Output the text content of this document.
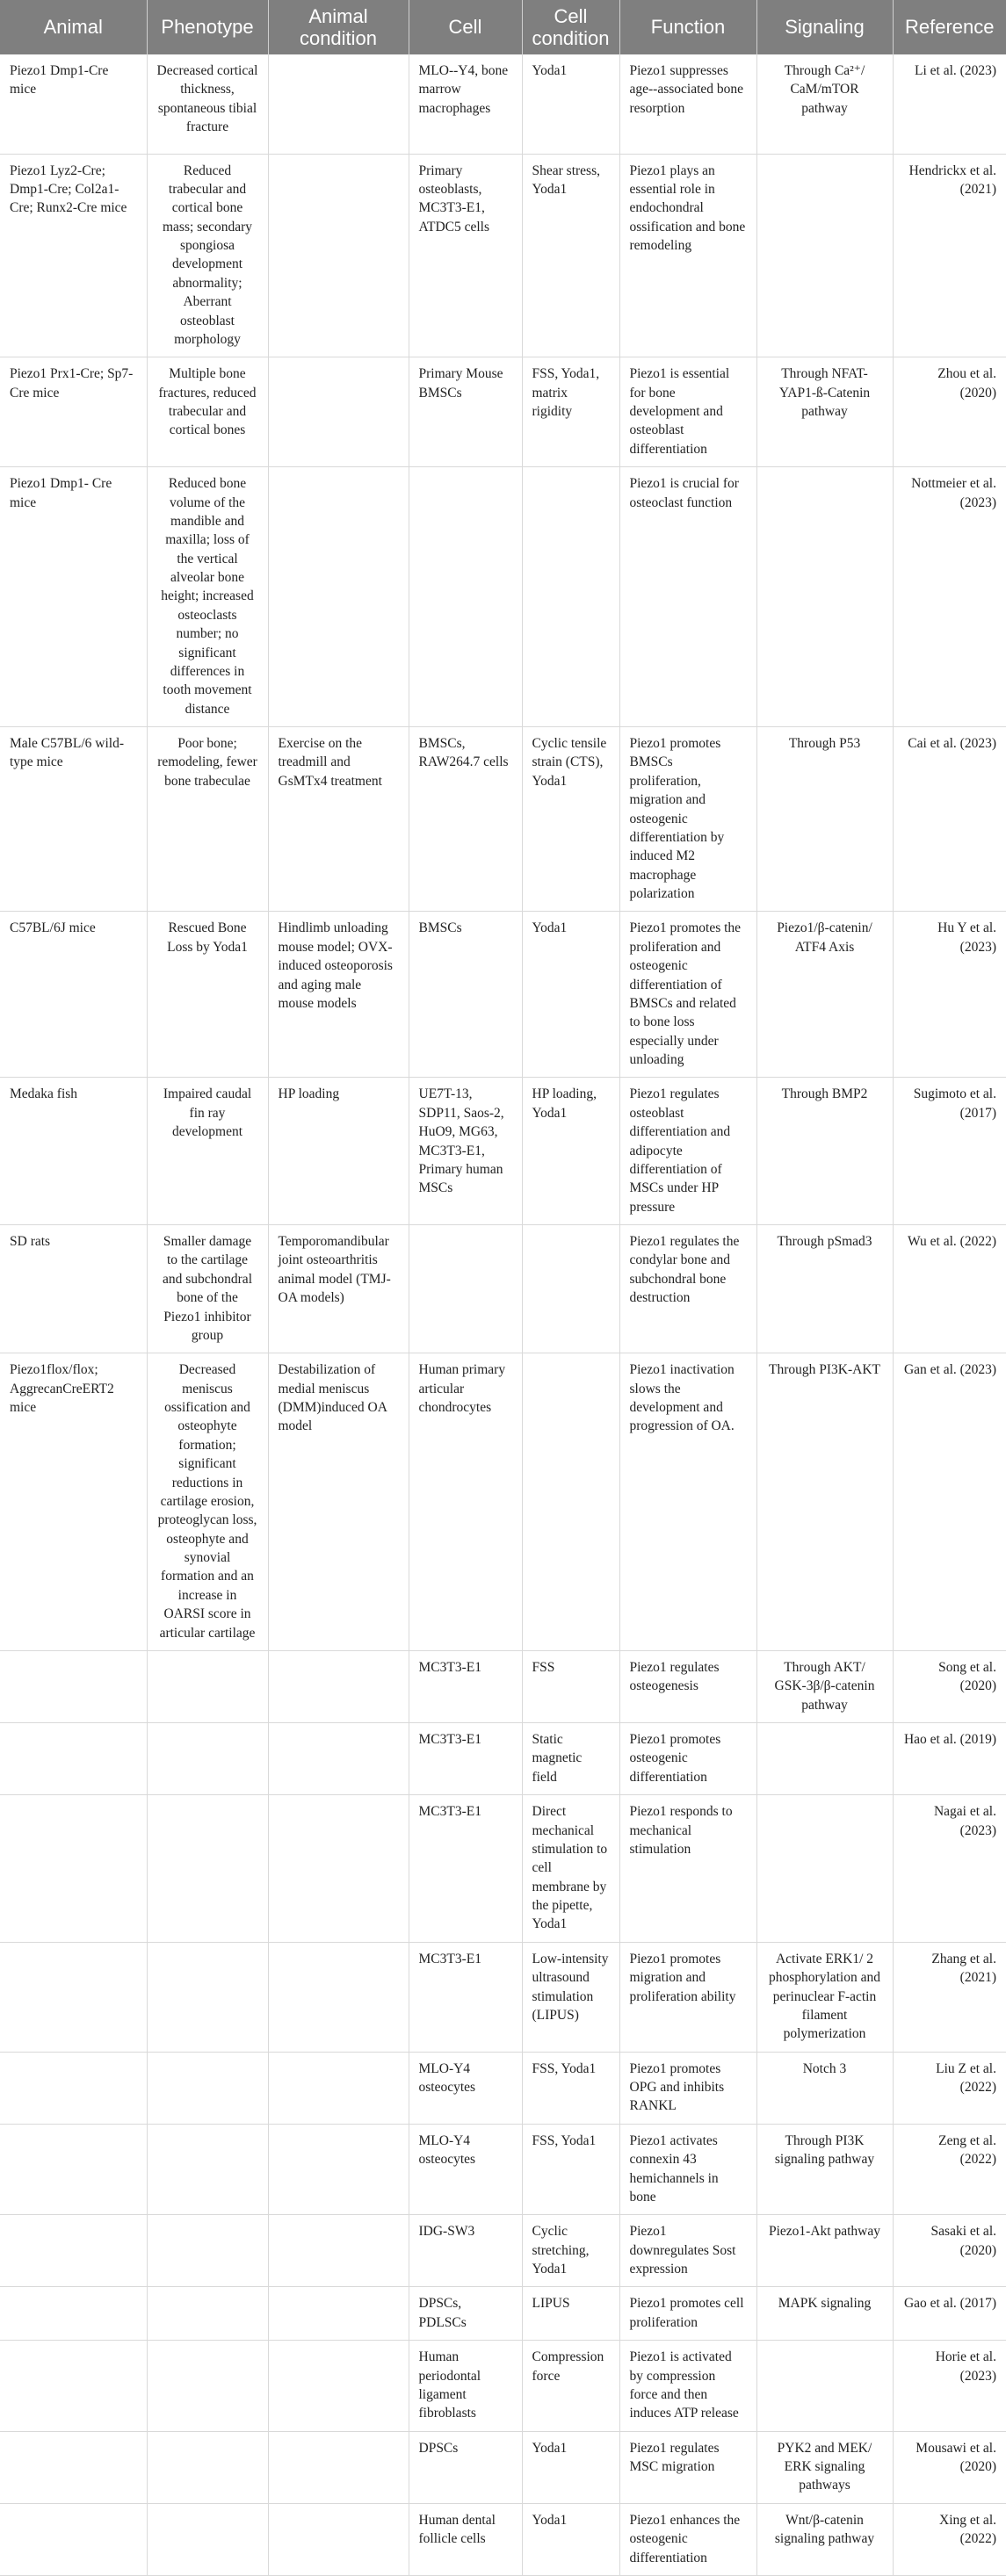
Animal	Phenotype	Animal condition	Cell	Cell condition	Function	Signaling	Reference
Piezo1 Dmp1-Cre mice	Decreased cortical thickness, spontaneous tibial fracture		MLO--Y4, bone marrow macrophages	Yoda1	Piezo1 suppresses age--associated bone resorption	Through Ca²⁺/ CaM/mTOR pathway	Li et al. (2023)
Piezo1 Lyz2-Cre; Dmp1-Cre; Col2a1-Cre; Runx2-Cre mice	Reduced trabecular and cortical bone mass; secondary spongiosa development abnormality; Aberrant osteoblast morphology		Primary osteoblasts, MC3T3-E1, ATDC5 cells	Shear stress, Yoda1	Piezo1 plays an essential role in endochondral ossification and bone remodeling		Hendrickx et al. (2021)
Piezo1 Prx1-Cre; Sp7-Cre mice	Multiple bone fractures, reduced trabecular and cortical bones		Primary Mouse BMSCs	FSS, Yoda1, matrix rigidity	Piezo1 is essential for bone development and osteoblast differentiation	Through NFAT-YAP1-ß-Catenin pathway	Zhou et al. (2020)
Piezo1 Dmp1- Cre mice	Reduced bone volume of the mandible and maxilla; loss of the vertical alveolar bone height; increased osteoclasts number; no significant differences in tooth movement distance				Piezo1 is crucial for osteoclast function		Nottmeier et al. (2023)
Male C57BL/6 wild-type mice	Poor bone; remodeling, fewer bone trabeculae	Exercise on the treadmill and GsMTx4 treatment	BMSCs, RAW264.7 cells	Cyclic tensile strain (CTS), Yoda1	Piezo1 promotes BMSCs proliferation, migration and osteogenic differentiation by induced M2 macrophage polarization	Through P53	Cai et al. (2023)
C57BL/6J mice	Rescued Bone Loss by Yoda1	Hindlimb unloading mouse model; OVX-induced osteoporosis and aging male mouse models	BMSCs	Yoda1	Piezo1 promotes the proliferation and osteogenic differentiation of BMSCs and related to bone loss especially under unloading	Piezo1/β-catenin/ ATF4 Axis	Hu Y et al. (2023)
Medaka fish	Impaired caudal fin ray development	HP loading	UE7T-13, SDP11, Saos-2, HuO9, MG63, MC3T3-E1, Primary human MSCs	HP loading, Yoda1	Piezo1 regulates osteoblast differentiation and adipocyte differentiation of MSCs under HP pressure	Through BMP2	Sugimoto et al. (2017)
SD rats	Smaller damage to the cartilage and subchondral bone of the Piezo1 inhibitor group	Temporomandibular joint osteoarthritis animal model (TMJ-OA models)			Piezo1 regulates the condylar bone and subchondral bone destruction	Through pSmad3	Wu et al. (2022)
Piezo1flox/flox; AggrecanCreERT2 mice	Decreased meniscus ossification and osteophyte formation; significant reductions in cartilage erosion, proteoglycan loss, osteophyte and synovial formation and an increase in OARSI score in articular cartilage	Destabilization of medial meniscus (DMM)induced OA model	Human primary articular chondrocytes		Piezo1 inactivation slows the development and progression of OA.	Through PI3K-AKT	Gan et al. (2023)
			MC3T3-E1	FSS	Piezo1 regulates osteogenesis	Through AKT/ GSK-3β/β-catenin pathway	Song et al. (2020)
			MC3T3-E1	Static magnetic field	Piezo1 promotes osteogenic differentiation		Hao et al. (2019)
			MC3T3-E1	Direct mechanical stimulation to cell membrane by the pipette, Yoda1	Piezo1 responds to mechanical stimulation		Nagai et al. (2023)
			MC3T3-E1	Low-intensity ultrasound stimulation (LIPUS)	Piezo1 promotes migration and proliferation ability	Activate ERK1/ 2 phosphorylation and perinuclear F-actin filament polymerization	Zhang et al. (2021)
			MLO-Y4 osteocytes	FSS, Yoda1	Piezo1 promotes OPG and inhibits RANKL	Notch 3	Liu Z et al. (2022)
			MLO-Y4 osteocytes	FSS, Yoda1	Piezo1 activates connexin 43 hemichannels in bone	Through PI3K signaling pathway	Zeng et al. (2022)
			IDG-SW3	Cyclic stretching, Yoda1	Piezo1 downregulates Sost expression	Piezo1-Akt pathway	Sasaki et al. (2020)
			DPSCs, PDLSCs	LIPUS	Piezo1 promotes cell proliferation	MAPK signaling	Gao et al. (2017)
			Human periodontal ligament fibroblasts	Compression force	Piezo1 is activated by compression force and then induces ATP release		Horie et al. (2023)
			DPSCs	Yoda1	Piezo1 regulates MSC migration	PYK2 and MEK/ ERK signaling pathways	Mousawi et al. (2020)
			Human dental follicle cells	Yoda1	Piezo1 enhances the osteogenic differentiation	Wnt/β-catenin signaling pathway	Xing et al. (2022)
